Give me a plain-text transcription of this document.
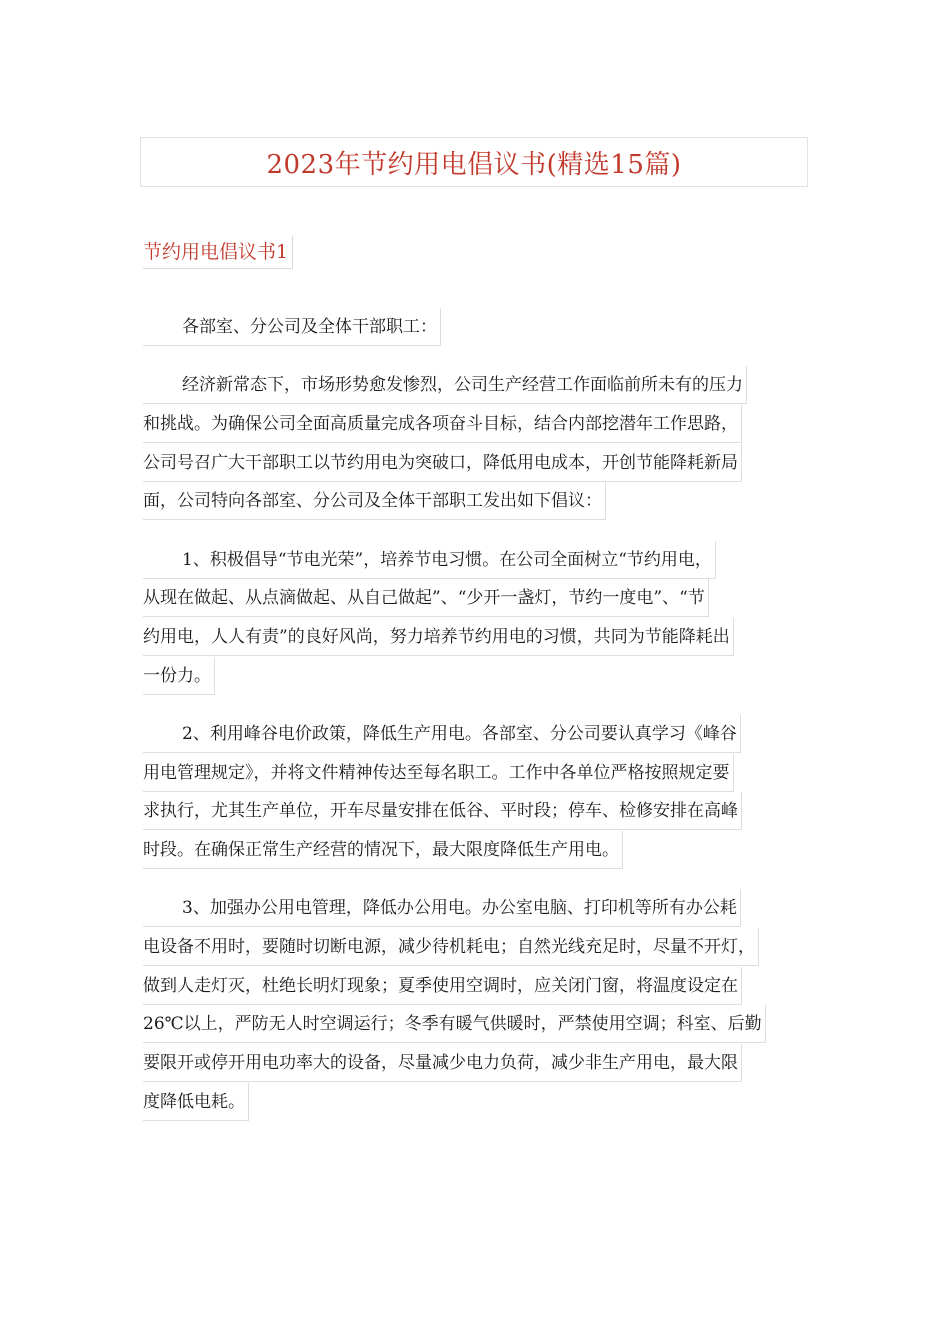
2023年节约用电倡议书(精选15篇)
节约用电倡议书1
各部室、分公司及全体干部职工：
经济新常态下，市场形势愈发惨烈，公司生产经营工作面临前所未有的压力
和挑战。为确保公司全面高质量完成各项奋斗目标，结合内部挖潜年工作思路，
公司号召广大干部职工以节约用电为突破口，降低用电成本，开创节能降耗新局
面，公司特向各部室、分公司及全体干部职工发出如下倡议：
1、积极倡导“节电光荣”，培养节电习惯。在公司全面树立“节约用电，
从现在做起、从点滴做起、从自己做起”、“少开一盏灯，节约一度电”、“节
约用电，人人有责”的良好风尚，努力培养节约用电的习惯，共同为节能降耗出
一份力。
2、利用峰谷电价政策，降低生产用电。各部室、分公司要认真学习《峰谷
用电管理规定》，并将文件精神传达至每名职工。工作中各单位严格按照规定要
求执行，尤其生产单位，开车尽量安排在低谷、平时段；停车、检修安排在高峰
时段。在确保正常生产经营的情况下，最大限度降低生产用电。
3、加强办公用电管理，降低办公用电。办公室电脑、打印机等所有办公耗
电设备不用时，要随时切断电源，减少待机耗电；自然光线充足时，尽量不开灯，
做到人走灯灭，杜绝长明灯现象；夏季使用空调时，应关闭门窗，将温度设定在
26℃以上，严防无人时空调运行；冬季有暖气供暖时，严禁使用空调；科室、后勤
要限开或停开用电功率大的设备，尽量减少电力负荷，减少非生产用电，最大限
度降低电耗。
